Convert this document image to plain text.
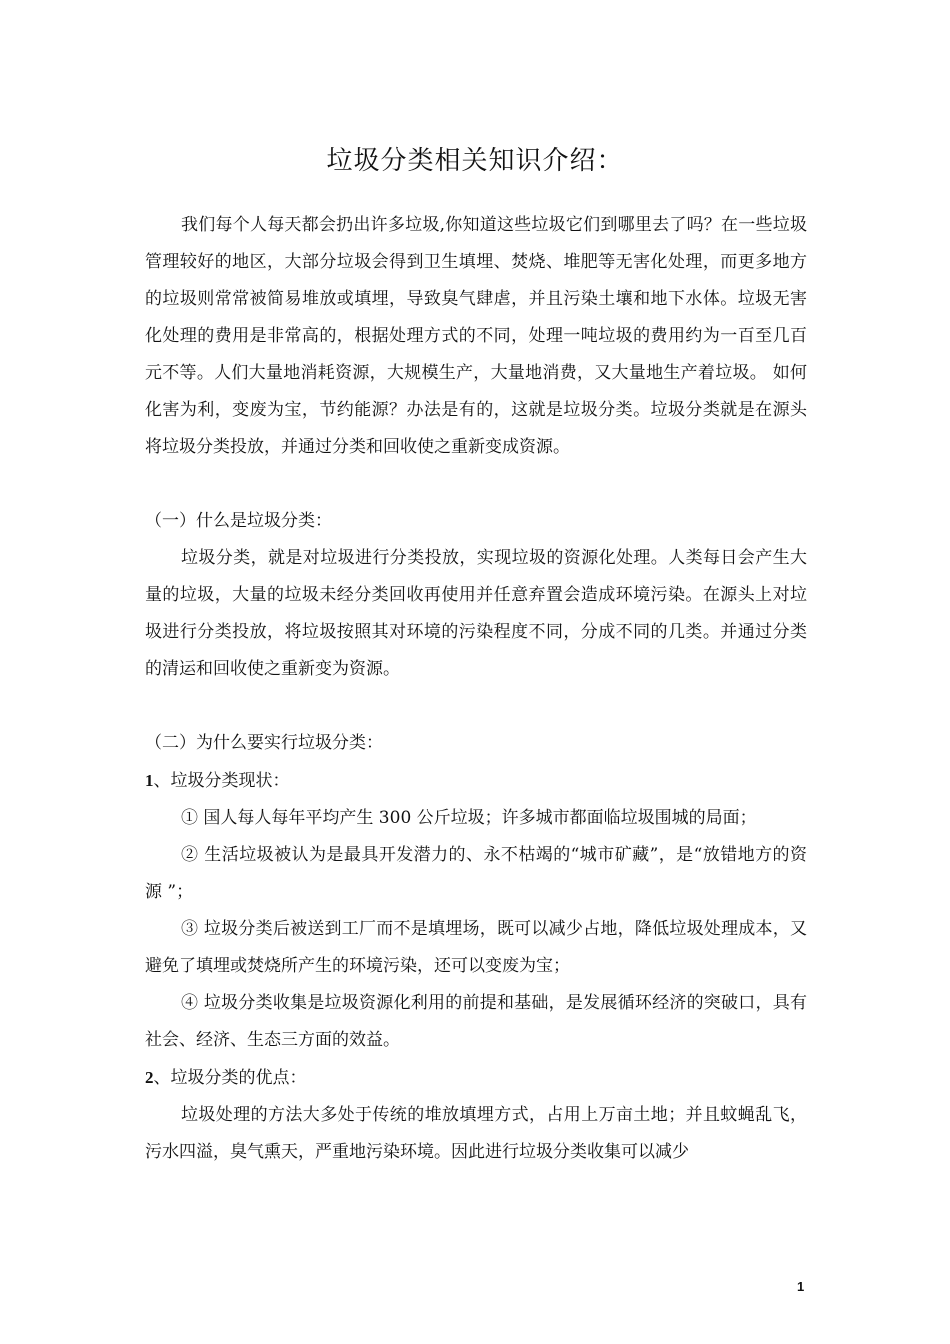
垃圾分类相关知识介绍：

我们每个人每天都会扔出许多垃圾,你知道这些垃圾它们到哪里去了吗？在一些垃圾管理较好的地区，大部分垃圾会得到卫生填埋、焚烧、堆肥等无害化处理，而更多地方的垃圾则常常被简易堆放或填埋，导致臭气肆虐，并且污染土壤和地下水体。垃圾无害化处理的费用是非常高的，根据处理方式的不同，处理一吨垃圾的费用约为一百至几百元不等。人们大量地消耗资源，大规模生产，大量地消费，又大量地生产着垃圾。 如何化害为利，变废为宝，节约能源？办法是有的，这就是垃圾分类。垃圾分类就是在源头将垃圾分类投放，并通过分类和回收使之重新变成资源。

（一）什么是垃圾分类：

垃圾分类，就是对垃圾进行分类投放，实现垃圾的资源化处理。人类每日会产生大量的垃圾，大量的垃圾未经分类回收再使用并任意弃置会造成环境污染。在源头上对垃圾进行分类投放，将垃圾按照其对环境的污染程度不同，分成不同的几类。并通过分类的清运和回收使之重新变为资源。

（二）为什么要实行垃圾分类：

1、垃圾分类现状：

① 国人每人每年平均产生 300 公斤垃圾；许多城市都面临垃圾围城的局面；

② 生活垃圾被认为是最具开发潜力的、永不枯竭的“城市矿藏”，是“放错地方的资源 ”；

③ 垃圾分类后被送到工厂而不是填埋场，既可以减少占地，降低垃圾处理成本，又避免了填埋或焚烧所产生的环境污染，还可以变废为宝；

④ 垃圾分类收集是垃圾资源化利用的前提和基础，是发展循环经济的突破口，具有社会、经济、生态三方面的效益。

2、垃圾分类的优点：

垃圾处理的方法大多处于传统的堆放填埋方式，占用上万亩土地；并且蚊蝇乱飞，污水四溢，臭气熏天，严重地污染环境。因此进行垃圾分类收集可以减少

1
